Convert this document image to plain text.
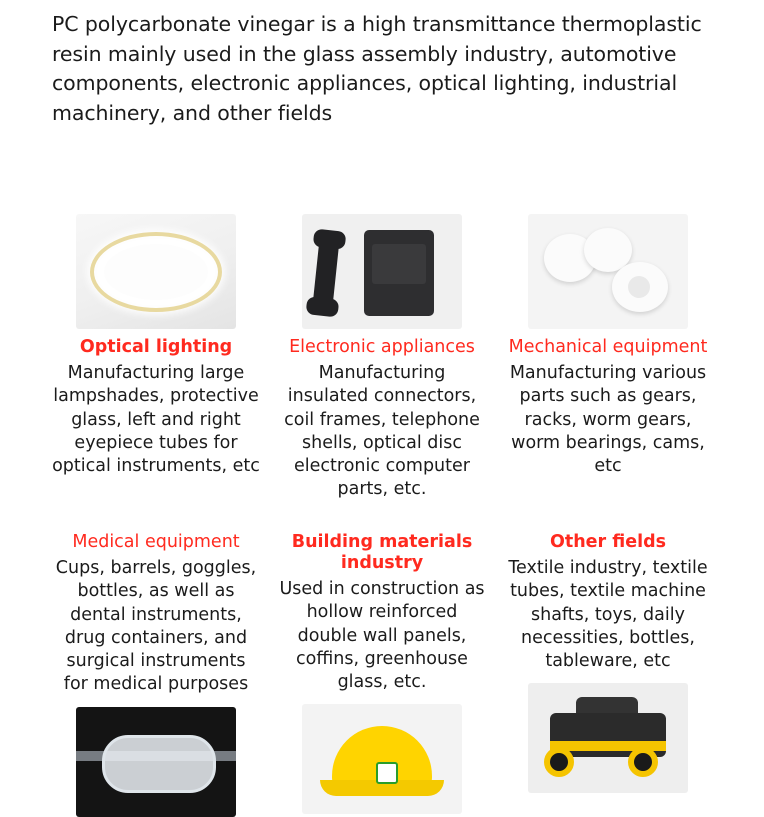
PC polycarbonate vinegar is a high transmittance thermoplastic resin mainly used in the glass assembly industry, automotive components, electronic appliances, optical lighting, industrial machinery, and other fields
Optical lighting
Manufacturing large lampshades, protective glass, left and right eyepiece tubes for optical instruments, etc
Electronic appliances
Manufacturing insulated connectors, coil frames, telephone shells, optical disc electronic computer parts, etc.
Mechanical equipment
Manufacturing various parts such as gears, racks, worm gears, worm bearings, cams, etc
Medical equipment
Cups, barrels, goggles, bottles, as well as dental instruments, drug containers, and surgical instruments for medical purposes
Building materials industry
Used in construction as hollow reinforced double wall panels, coffins, greenhouse glass, etc.
Other fields
Textile industry, textile tubes, textile machine shafts, toys, daily necessities, bottles, tableware, etc
